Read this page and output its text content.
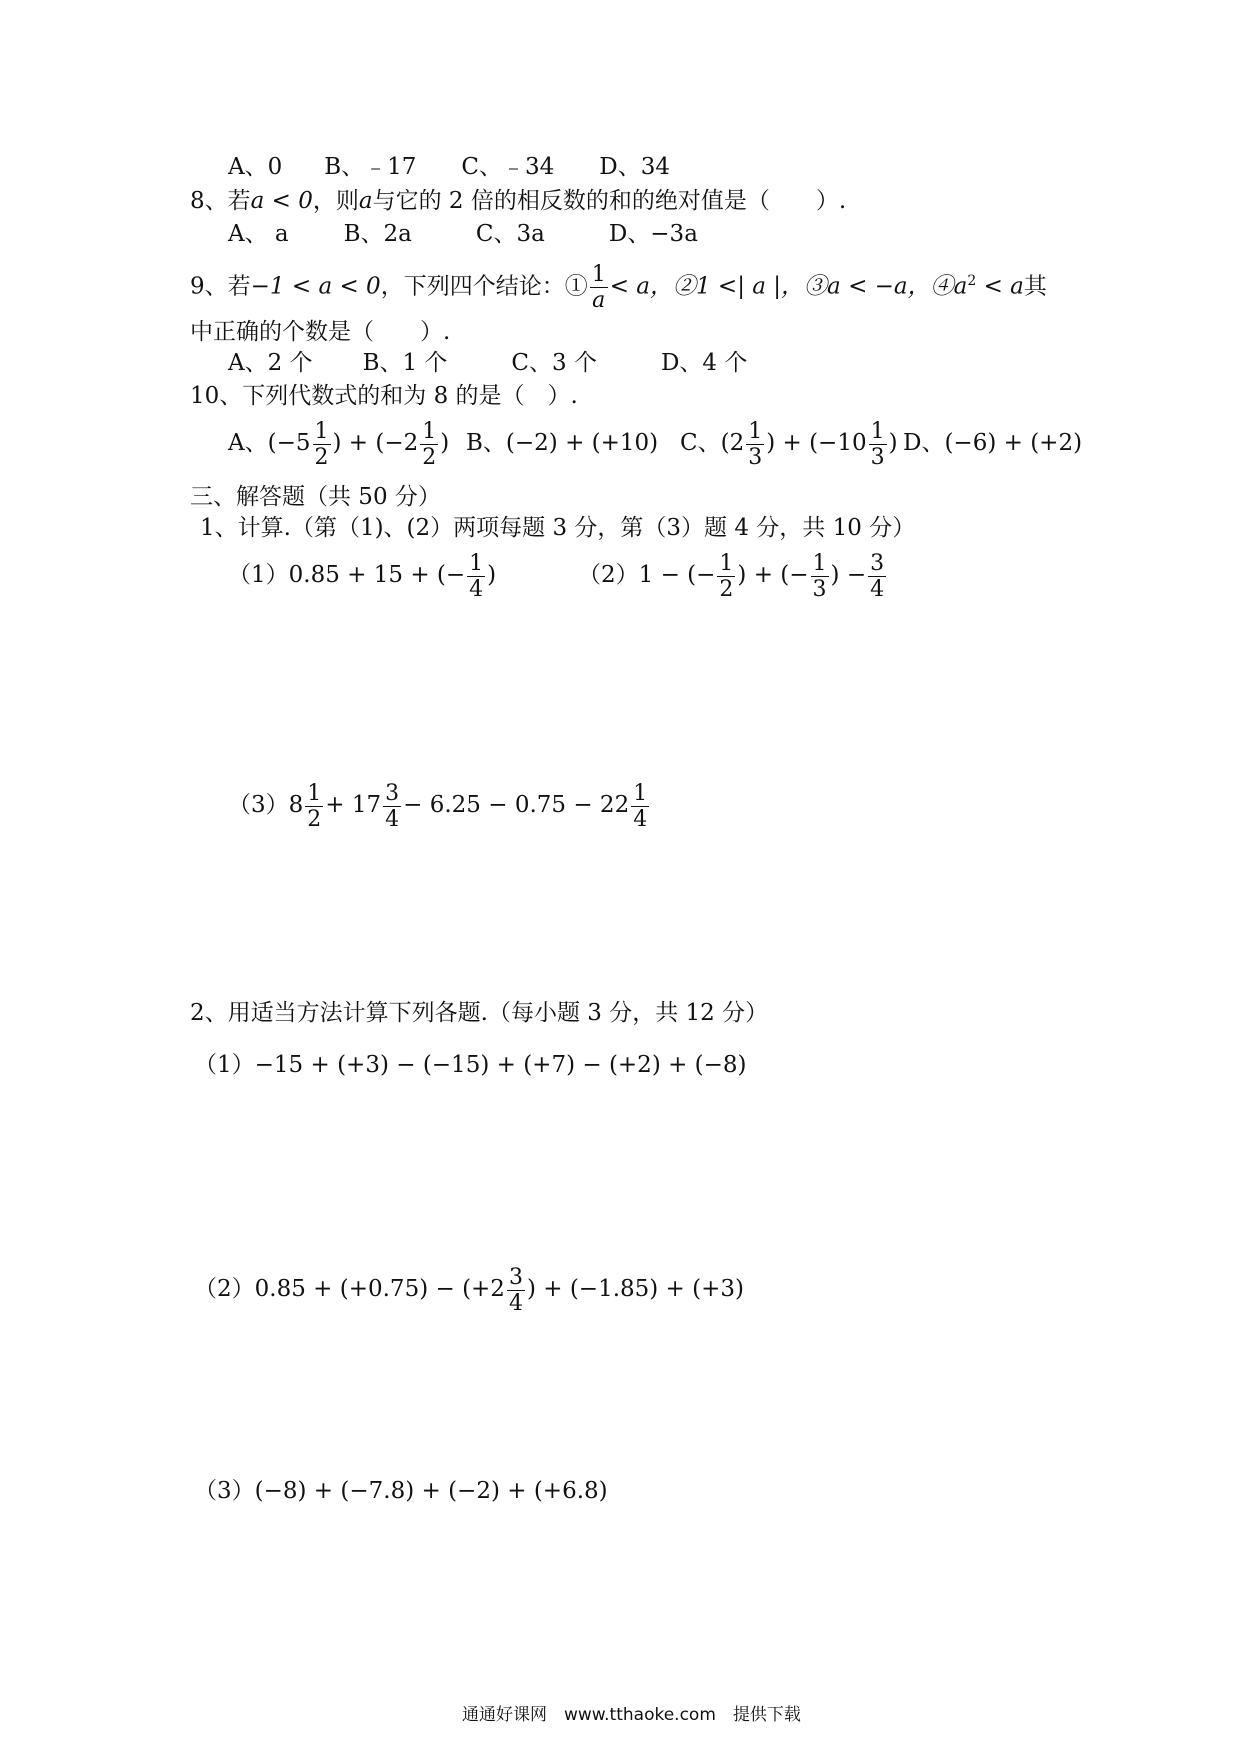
A、0 B、﹣17 C、﹣34 D、34
8、若a < 0，则a与它的 2 倍的相反数的和的绝对值是（　　）.
A、 a B、2a	C、3a	D、−3a
9、若−1 < a < 0，下列四个结论：① $\frac{1}{a} < a$，②1 <| a |，③a < −a，$④a^2 < a$其
中正确的个数是（　　）.
A、2 个 B、1 个	C、3 个	D、4 个
10、下列代数式的和为 8 的是（　）.
A、($-5 \frac{1}{2}$ ) + ($-2 \frac{1}{2}$ ) B、(−2) + (+10) C、($2 \frac{1}{3}$ ) + ($-10 \frac{1}{3}$ ) D、(−6) + (+2)
三、解答题（共 50 分）
1、计算.（第（1)、(2）两项每题 3 分，第（3）题 4 分，共 10 分）
（1）0.85 + 15 + (− $\frac{1}{4}$ )	（2）1 − (− $\frac{1}{2}$ ) + (− $\frac{1}{3}$ ) − $\frac{3}{4}$
$(3)8 \frac{1}{2} + 17 \frac{3}{4} - 6.25 - 0.75 - 22 \frac{1}{4}$
2、用适当方法计算下列各题.（每小题 3 分，共 12 分）
（1）−15 + (+3) − (−15) + (+7) − (+2) + (−8)
$(2)0.85 + (+0.75) - (+2 \frac{3}{4}$ ) + (−1.85) + (+3)
（3）(−8) + (−7.8) + (−2) + (+6.8)
通通好课网　www.tthaoke.com　提供下载
